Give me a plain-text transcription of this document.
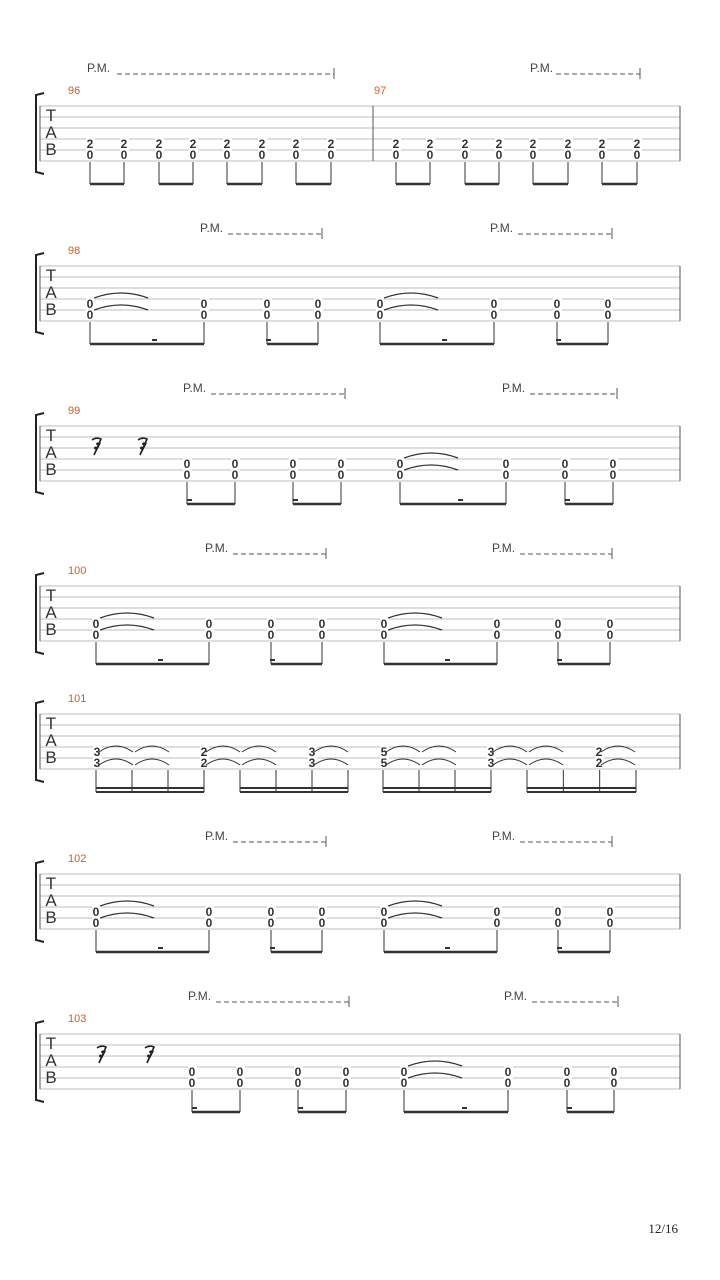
T
A
B
96
2
0
2
0
2
0
2
0
2
0
2
0
2
0
2
0
P.M.
97
2
0
2
0
2
0
2
0
2
0
2
0
2
0
2
0
P.M.
T
A
B
98
0
0
0
0
0
0
0
0
0
0
0
0
0
0
0
0
P.M.	P.M.
T
A
B
99
0
0
0
0
0
0
0
0
0
0
0
0
0
0
0
0
𝄿 𝄿
P.M.	P.M.
T
A
B
100
0
0
0
0
0
0
0
0
0
0
0
0
0
0
0
0
P.M.	P.M.
T
A
B
101
3
3
2
2
3
3
5
5
3
3
2
2
T
A
B
102
0
0
0
0
0
0
0
0
0
0
0
0
0
0
0
0
P.M.	P.M.
T
A
B
103
0
0
0
0
0
0
0
0
0
0
0
0
0
0
0
0
𝄿 𝄿
P.M.	P.M.
12/16
